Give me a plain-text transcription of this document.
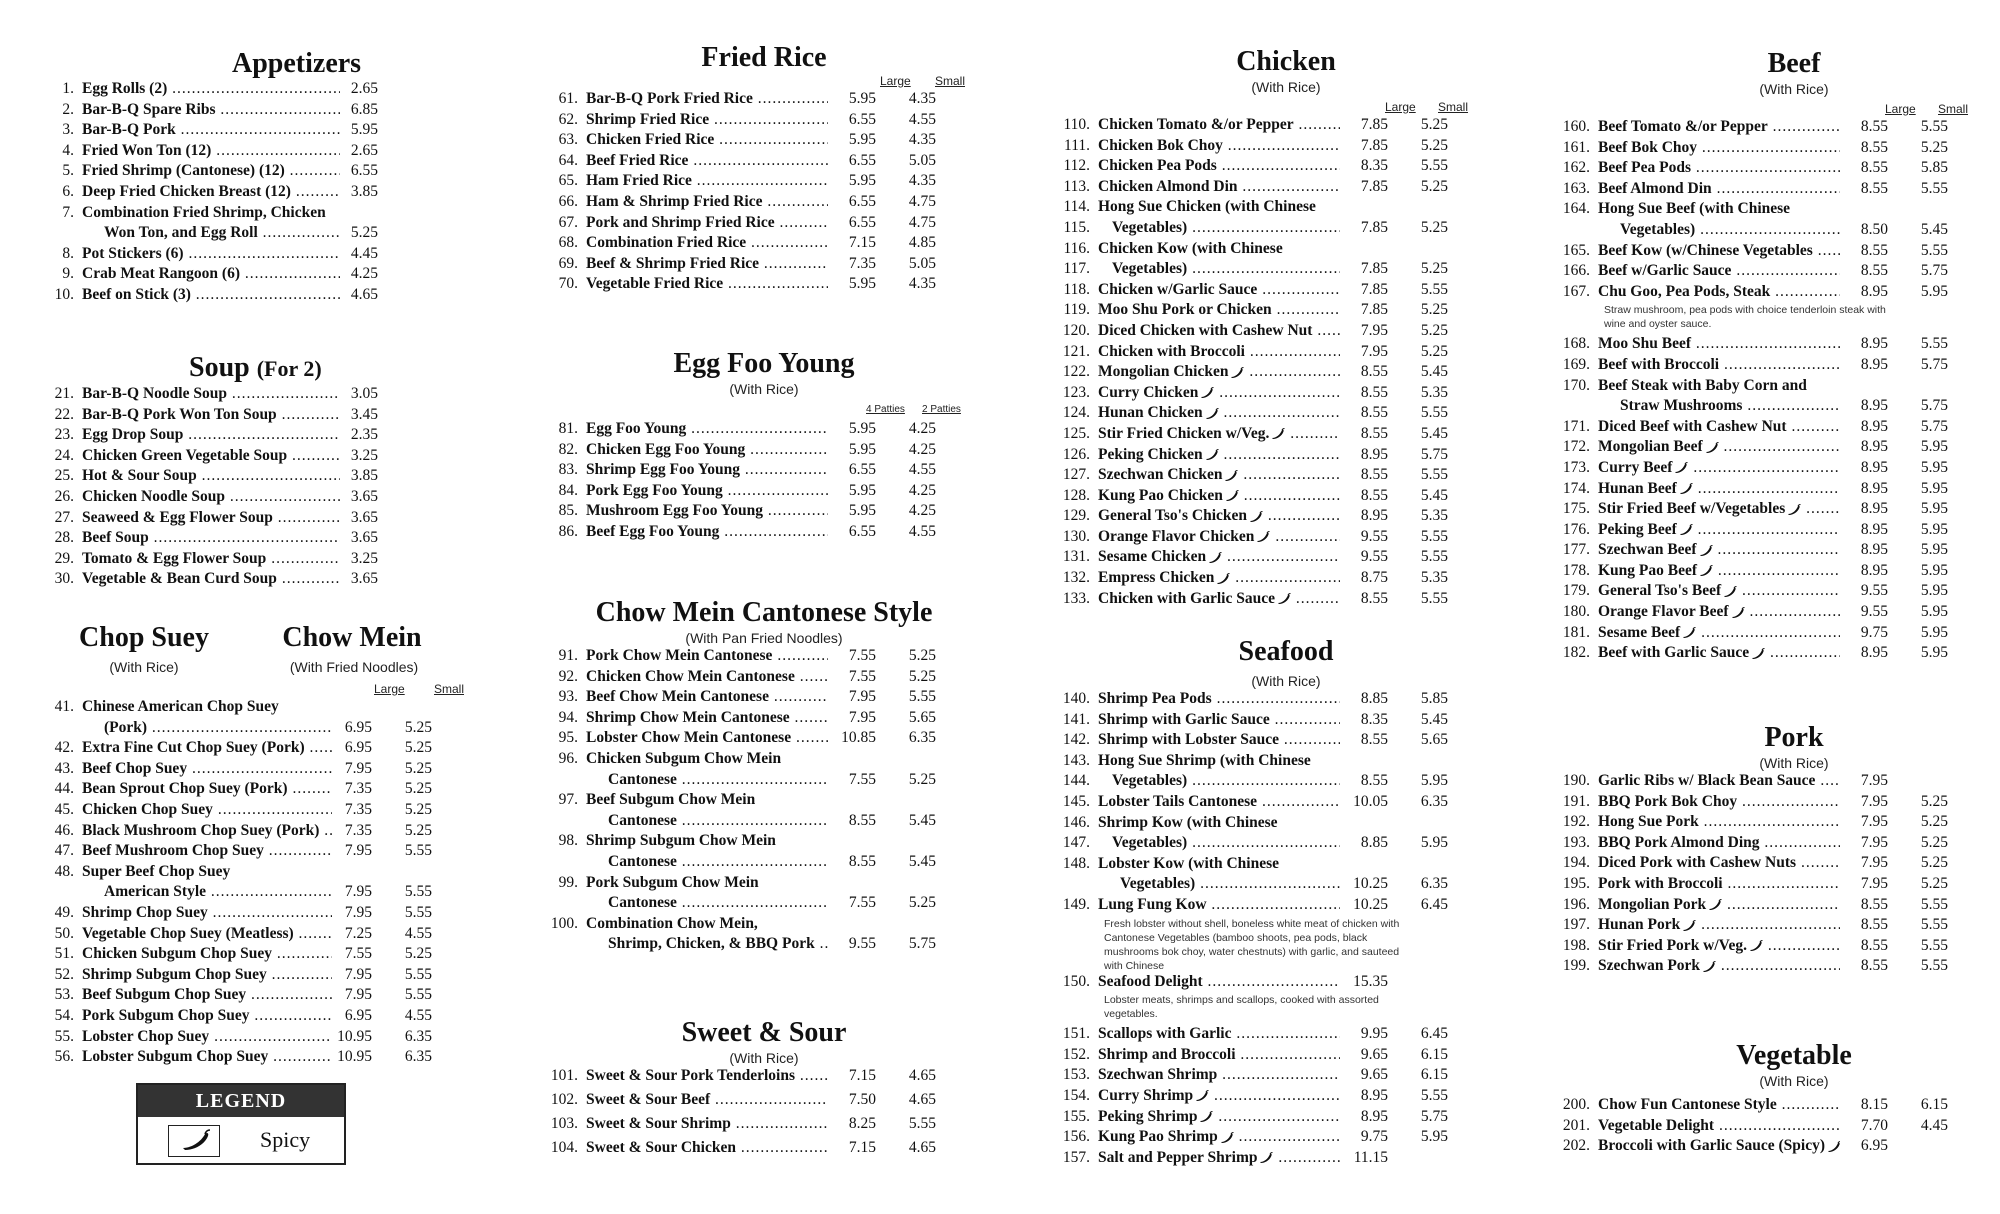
Appetizers
1. Egg Rolls (2) .....	2.65
2. Bar-B-Q Spare Ribs .....	6.85
3. Bar-B-Q Pork .....	5.95
4. Fried Won Ton (12) .....	2.65
5. Fried Shrimp (Cantonese) (12) .....	6.55
6. Deep Fried Chicken Breast (12) .....	3.85
7. Combination Fried Shrimp, Chicken
Won Ton, and Egg Roll .....	5.25
8. Pot Stickers (6) .....	4.45
9. Crab Meat Rangoon (6) .....	4.25
10. Beef on Stick (3) .....	4.65
Soup (For 2)
21. Bar-B-Q Noodle Soup .....	3.05
22. Bar-B-Q Pork Won Ton Soup .....	3.45
23. Egg Drop Soup .....	2.35
24. Chicken Green Vegetable Soup .....	3.25
25. Hot & Sour Soup .....	3.85
26. Chicken Noodle Soup .....	3.65
27. Seaweed & Egg Flower Soup .....	3.65
28. Beef Soup .....	3.65
29. Tomato & Egg Flower Soup .....	3.25
30. Vegetable & Bean Curd Soup .....	3.65
Chop Suey
(With Rice)
Chow Mein
(With Fried Noodles)
Large Small
41. Chinese American Chop Suey
(Pork) .....	6.95	5.25
42. Extra Fine Cut Chop Suey (Pork) .....	6.95	5.25
43. Beef Chop Suey .....	7.95	5.25
44. Bean Sprout Chop Suey (Pork) .....	7.35	5.25
45. Chicken Chop Suey .....	7.35	5.25
46. Black Mushroom Chop Suey (Pork) .....	7.35	5.25
47. Beef Mushroom Chop Suey .....	7.95	5.55
48. Super Beef Chop Suey
American Style .....	7.95	5.55
49. Shrimp Chop Suey .....	7.95	5.55
50. Vegetable Chop Suey (Meatless) .....	7.25	4.55
51. Chicken Subgum Chop Suey .....	7.55	5.25
52. Shrimp Subgum Chop Suey .....	7.95	5.55
53. Beef Subgum Chop Suey .....	7.95	5.55
54. Pork Subgum Chop Suey .....	6.95	4.55
55. Lobster Chop Suey .....	10.95	6.35
56. Lobster Subgum Chop Suey .....	10.95	6.35
LEGEND
Spicy
Fried Rice
Large Small
61. Bar-B-Q Pork Fried Rice .....	5.95	4.35
62. Shrimp Fried Rice .....	6.55	4.55
63. Chicken Fried Rice .....	5.95	4.35
64. Beef Fried Rice .....	6.55	5.05
65. Ham Fried Rice .....	5.95	4.35
66. Ham & Shrimp Fried Rice .....	6.55	4.75
67. Pork and Shrimp Fried Rice .....	6.55	4.75
68. Combination Fried Rice .....	7.15	4.85
69. Beef & Shrimp Fried Rice .....	7.35	5.05
70. Vegetable Fried Rice .....	5.95	4.35
Egg Foo Young
(With Rice)
4 Patties 2 Patties
81. Egg Foo Young .....	5.95	4.25
82. Chicken Egg Foo Young .....	5.95	4.25
83. Shrimp Egg Foo Young .....	6.55	4.55
84. Pork Egg Foo Young .....	5.95	4.25
85. Mushroom Egg Foo Young .....	5.95	4.25
86. Beef Egg Foo Young .....	6.55	4.55
Chow Mein Cantonese Style
(With Pan Fried Noodles)
91. Pork Chow Mein Cantonese .....	7.55	5.25
92. Chicken Chow Mein Cantonese .....	7.55	5.25
93. Beef Chow Mein Cantonese .....	7.95	5.55
94. Shrimp Chow Mein Cantonese .....	7.95	5.65
95. Lobster Chow Mein Cantonese .....	10.85	6.35
96. Chicken Subgum Chow Mein
Cantonese .....	7.55	5.25
97. Beef Subgum Chow Mein
Cantonese .....	8.55	5.45
98. Shrimp Subgum Chow Mein
Cantonese .....	8.55	5.45
99. Pork Subgum Chow Mein
Cantonese .....	7.55	5.25
100. Combination Chow Mein,
Shrimp, Chicken, & BBQ Pork .....	9.55	5.75
Sweet & Sour
(With Rice)
101. Sweet & Sour Pork Tenderloins .....	7.15	4.65
102. Sweet & Sour Beef .....	7.50	4.65
103. Sweet & Sour Shrimp .....	8.25	5.55
104. Sweet & Sour Chicken .....	7.15	4.65
Chicken
(With Rice)
Large Small
110. Chicken Tomato &/or Pepper .....	7.85	5.25
111. Chicken Bok Choy .....	7.85	5.25
112. Chicken Pea Pods .....	8.35	5.55
113. Chicken Almond Din .....	7.85	5.25
114. Hong Sue Chicken (with Chinese
115. Vegetables) .....	7.85	5.25
116. Chicken Kow (with Chinese
117. Vegetables) .....	7.85	5.25
118. Chicken w/Garlic Sauce .....	7.85	5.55
119. Moo Shu Pork or Chicken .....	7.85	5.25
120. Diced Chicken with Cashew Nut .....	7.95	5.25
121. Chicken with Broccoli .....	7.95	5.25
122. Mongolian Chicken .....	8.55	5.45
123. Curry Chicken .....	8.55	5.35
124. Hunan Chicken .....	8.55	5.55
125. Stir Fried Chicken w/Veg. .....	8.55	5.45
126. Peking Chicken .....	8.95	5.75
127. Szechwan Chicken .....	8.55	5.55
128. Kung Pao Chicken .....	8.55	5.45
129. General Tso's Chicken .....	8.95	5.35
130. Orange Flavor Chicken .....	9.55	5.55
131. Sesame Chicken .....	9.55	5.55
132. Empress Chicken .....	8.75	5.35
133. Chicken with Garlic Sauce .....	8.55	5.55
Seafood
(With Rice)
140. Shrimp Pea Pods .....	8.85	5.85
141. Shrimp with Garlic Sauce .....	8.35	5.45
142. Shrimp with Lobster Sauce .....	8.55	5.65
143. Hong Sue Shrimp (with Chinese
144. Vegetables) .....	8.55	5.95
145. Lobster Tails Cantonese .....	10.05	6.35
146. Shrimp Kow (with Chinese
147. Vegetables) .....	8.85	5.95
148. Lobster Kow (with Chinese
Vegetables) .....	10.25	6.35
149. Lung Fung Kow .....	10.25	6.45
Fresh lobster without shell, boneless white meat of chicken with Cantonese Vegetables (bamboo shoots, pea pods, black mushrooms bok choy, water chestnuts) with garlic, and sauteed with Chinese
150. Seafood Delight .....	15.35
Lobster meats, shrimps and scallops, cooked with assorted vegetables.
151. Scallops with Garlic .....	9.95	6.45
152. Shrimp and Broccoli .....	9.65	6.15
153. Szechwan Shrimp .....	9.65	6.15
154. Curry Shrimp .....	8.95	5.55
155. Peking Shrimp .....	8.95	5.75
156. Kung Pao Shrimp .....	9.75	5.95
157. Salt and Pepper Shrimp .....	11.15
Beef
(With Rice)
Large Small
160. Beef Tomato &/or Pepper .....	8.55	5.55
161. Beef Bok Choy .....	8.55	5.25
162. Beef Pea Pods .....	8.55	5.85
163. Beef Almond Din .....	8.55	5.55
164. Hong Sue Beef (with Chinese
Vegetables) .....	8.50	5.45
165. Beef Kow (w/Chinese Vegetables .....	8.55	5.55
166. Beef w/Garlic Sauce .....	8.55	5.75
167. Chu Goo, Pea Pods, Steak .....	8.95	5.95
Straw mushroom, pea pods with choice tenderloin steak with wine and oyster sauce.
168. Moo Shu Beef .....	8.95	5.55
169. Beef with Broccoli .....	8.95	5.75
170. Beef Steak with Baby Corn and
Straw Mushrooms .....	8.95	5.75
171. Diced Beef with Cashew Nut .....	8.95	5.75
172. Mongolian Beef .....	8.95	5.95
173. Curry Beef .....	8.95	5.95
174. Hunan Beef .....	8.95	5.95
175. Stir Fried Beef w/Vegetables .....	8.95	5.95
176. Peking Beef .....	8.95	5.95
177. Szechwan Beef .....	8.95	5.95
178. Kung Pao Beef .....	8.95	5.95
179. General Tso's Beef .....	9.55	5.95
180. Orange Flavor Beef .....	9.55	5.95
181. Sesame Beef .....	9.75	5.95
182. Beef with Garlic Sauce .....	8.95	5.95
Pork
(With Rice)
190. Garlic Ribs w/ Black Bean Sauce .....	7.95
191. BBQ Pork Bok Choy .....	7.95	5.25
192. Hong Sue Pork .....	7.95	5.25
193. BBQ Pork Almond Ding .....	7.95	5.25
194. Diced Pork with Cashew Nuts .....	7.95	5.25
195. Pork with Broccoli .....	7.95	5.25
196. Mongolian Pork .....	8.55	5.55
197. Hunan Pork .....	8.55	5.55
198. Stir Fried Pork w/Veg. .....	8.55	5.55
199. Szechwan Pork .....	8.55	5.55
Vegetable
(With Rice)
200. Chow Fun Cantonese Style .....	8.15	6.15
201. Vegetable Delight .....	7.70	4.45
202. Broccoli with Garlic Sauce (Spicy) .....	6.95
